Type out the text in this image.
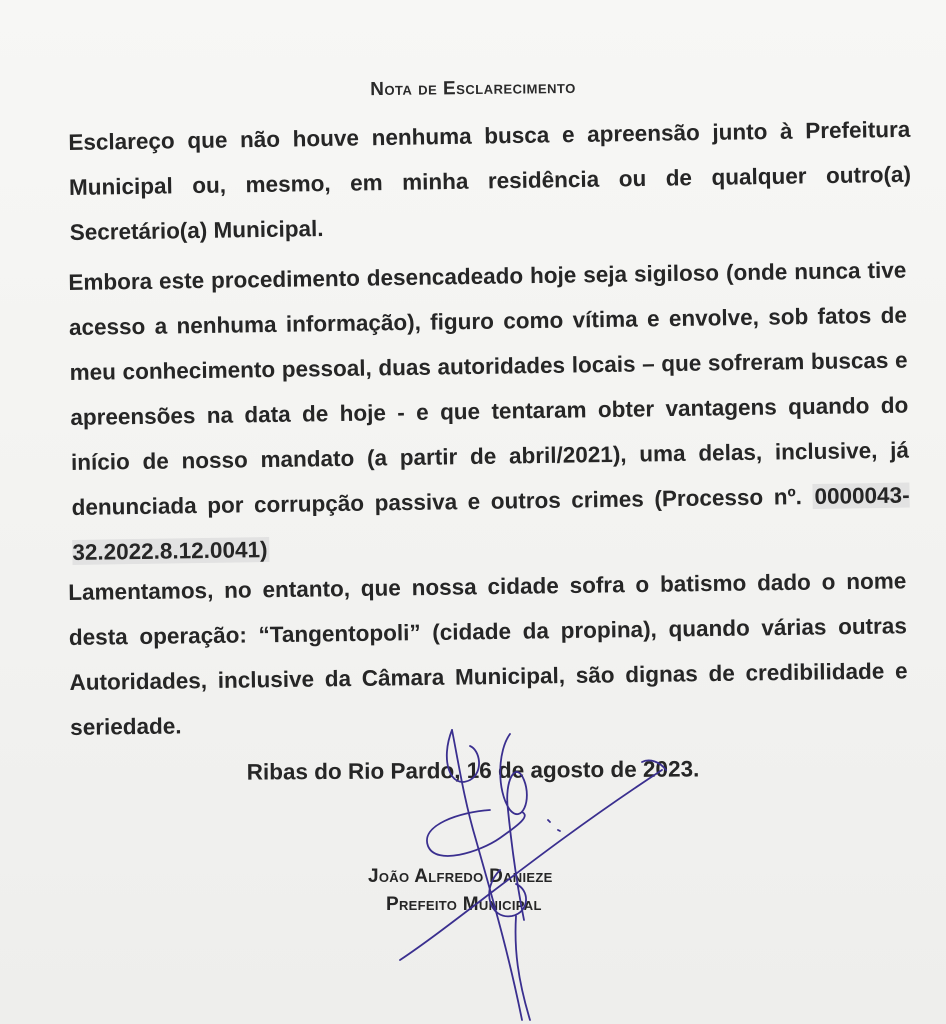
Nota de Esclarecimento
Esclareço que não houve nenhuma busca e apreensão junto à Prefeitura Municipal ou, mesmo, em minha residência ou de qualquer outro(a) Secretário(a) Municipal.
Embora este procedimento desencadeado hoje seja sigiloso (onde nunca tive acesso a nenhuma informação), figuro como vítima e envolve, sob fatos de meu conhecimento pessoal, duas autoridades locais – que sofreram buscas e apreensões na data de hoje - e que tentaram obter vantagens quando do início de nosso mandato (a partir de abril/2021), uma delas, inclusive, já denunciada por corrupção passiva e outros crimes (Processo nº. 0000043-32.2022.8.12.0041)
Lamentamos, no entanto, que nossa cidade sofra o batismo dado o nome desta operação: “Tangentopoli” (cidade da propina), quando várias outras Autoridades, inclusive da Câmara Municipal, são dignas de credibilidade e seriedade.
Ribas do Rio Pardo, 16 de agosto de 2023.
João Alfredo Danieze
Prefeito Municipal
